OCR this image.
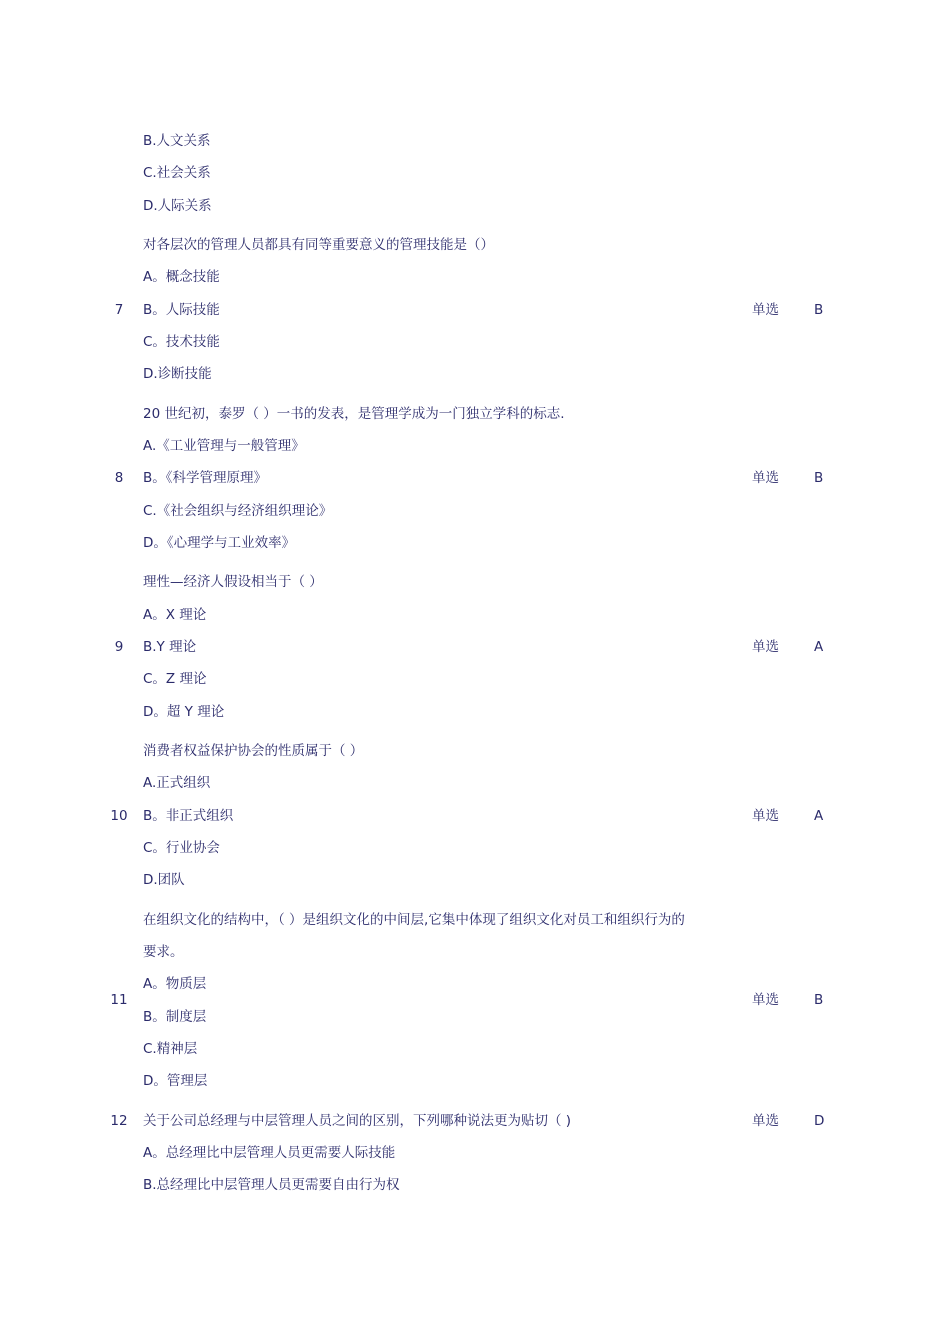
B.人文关系
C.社会关系
D.人际关系
对各层次的管理人员都具有同等重要意义的管理技能是（）
A。概念技能
7	B。人际技能	单选	B
C。技术技能
D.诊断技能
20 世纪初，泰罗（ ）一书的发表，是管理学成为一门独立学科的标志.
A.《工业管理与一般管理》
8	B。《科学管理原理》	单选	B
C.《社会组织与经济组织理论》
D。《心理学与工业效率》
理性—经济人假设相当于（ ）
A。X 理论
9	B.Y 理论	单选	A
C。Z 理论
D。超 Y 理论
消费者权益保护协会的性质属于（ ）
A.正式组织
10	B。非正式组织	单选	A
C。行业协会
D.团队
在组织文化的结构中，（ ）是组织文化的中间层,它集中体现了组织文化对员工和组织行为的
要求。
A。物质层
11	单选	B
B。制度层
C.精神层
D。管理层
12	关于公司总经理与中层管理人员之间的区别，下列哪种说法更为贴切（ )	单选	D
A。总经理比中层管理人员更需要人际技能
B.总经理比中层管理人员更需要自由行为权
